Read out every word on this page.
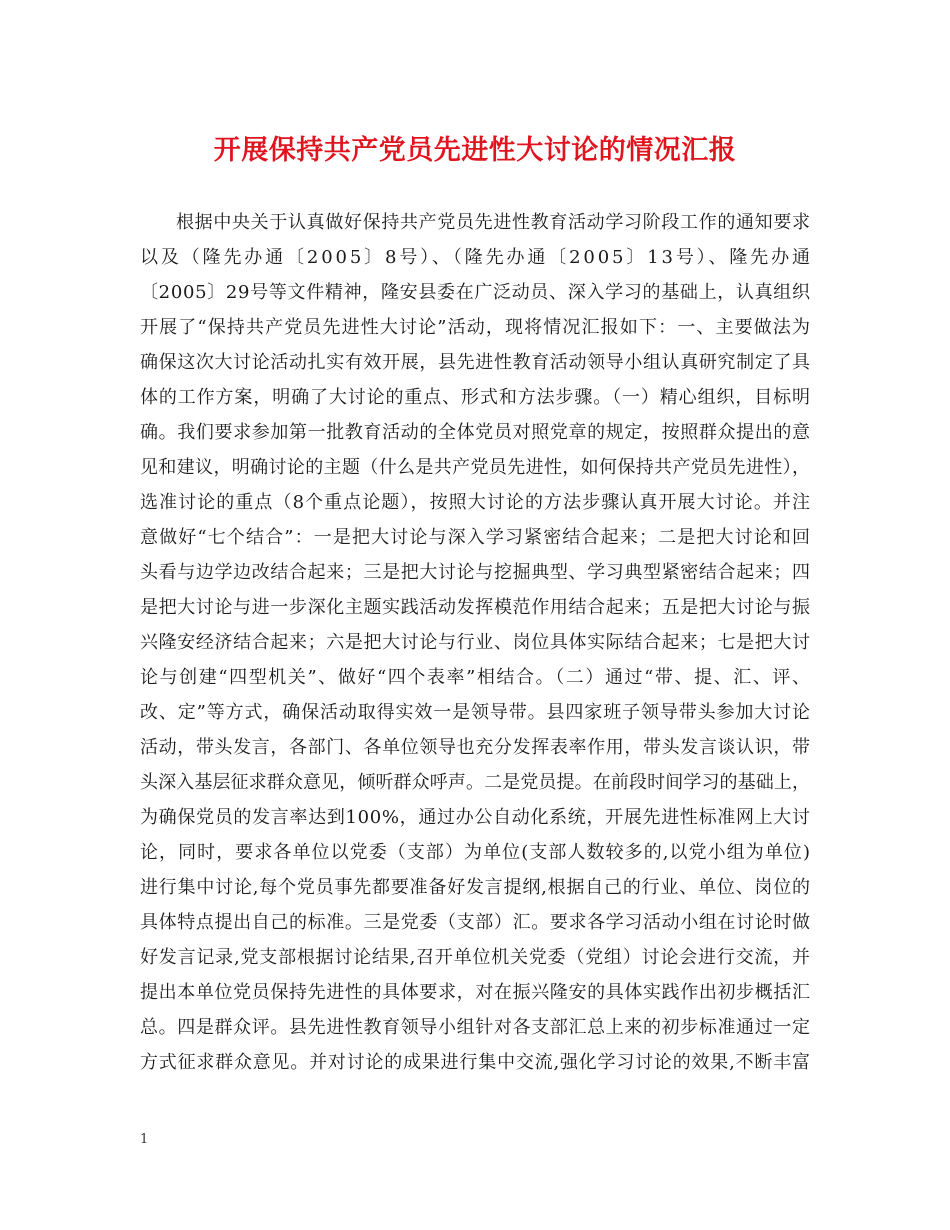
开展保持共产党员先进性大讨论的情况汇报
根据中央关于认真做好保持共产党员先进性教育活动学习阶段工作的通知要求
以及（隆先办通〔2005〕8号）、（隆先办通〔2005〕13号）、隆先办通
〔2005〕29号等文件精神，隆安县委在广泛动员、深入学习的基础上，认真组织
开展了“保持共产党员先进性大讨论”活动，现将情况汇报如下：一、主要做法为
确保这次大讨论活动扎实有效开展，县先进性教育活动领导小组认真研究制定了具
体的工作方案，明确了大讨论的重点、形式和方法步骤。（一）精心组织，目标明
确。我们要求参加第一批教育活动的全体党员对照党章的规定，按照群众提出的意
见和建议，明确讨论的主题（什么是共产党员先进性，如何保持共产党员先进性），
选准讨论的重点（8个重点论题），按照大讨论的方法步骤认真开展大讨论。并注
意做好“七个结合”：一是把大讨论与深入学习紧密结合起来；二是把大讨论和回
头看与边学边改结合起来；三是把大讨论与挖掘典型、学习典型紧密结合起来；四
是把大讨论与进一步深化主题实践活动发挥模范作用结合起来；五是把大讨论与振
兴隆安经济结合起来；六是把大讨论与行业、岗位具体实际结合起来；七是把大讨
论与创建“四型机关”、做好“四个表率”相结合。（二）通过“带、提、汇、评、
改、定”等方式，确保活动取得实效一是领导带。县四家班子领导带头参加大讨论
活动，带头发言，各部门、各单位领导也充分发挥表率作用，带头发言谈认识，带
头深入基层征求群众意见，倾听群众呼声。二是党员提。在前段时间学习的基础上，
为确保党员的发言率达到100%，通过办公自动化系统，开展先进性标准网上大讨
论，同时，要求各单位以党委（支部）为单位(支部人数较多的,以党小组为单位)
进行集中讨论,每个党员事先都要准备好发言提纲,根据自己的行业、单位、岗位的
具体特点提出自己的标准。三是党委（支部）汇。要求各学习活动小组在讨论时做
好发言记录,党支部根据讨论结果,召开单位机关党委（党组）讨论会进行交流，并
提出本单位党员保持先进性的具体要求，对在振兴隆安的具体实践作出初步概括汇
总。四是群众评。县先进性教育领导小组针对各支部汇总上来的初步标准通过一定
方式征求群众意见。并对讨论的成果进行集中交流,强化学习讨论的效果,不断丰富
1
